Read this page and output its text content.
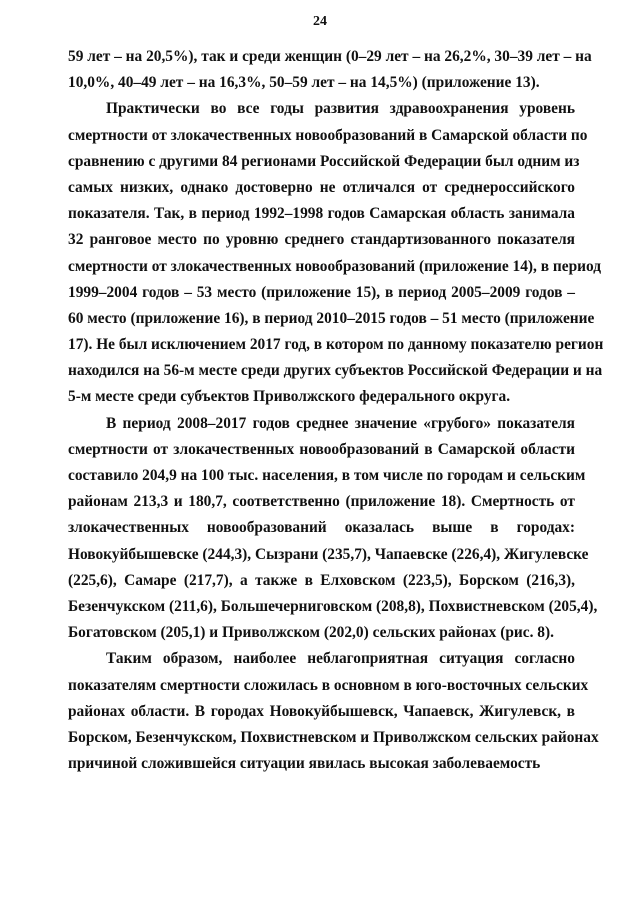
24
59 лет – на 20,5%), так и среди женщин (0–29 лет – на 26,2%, 30–39 лет – на
10,0%, 40–49 лет – на 16,3%, 50–59 лет – на 14,5%) (приложение 13).
Практически во все годы развития здравоохранения уровень
смертности от злокачественных новообразований в Самарской области по
сравнению с другими 84 регионами Российской Федерации был одним из
самых низких, однако достоверно не отличался от среднероссийского
показателя. Так, в период 1992–1998 годов Самарская область занимала
32 ранговое место по уровню среднего стандартизованного показателя
смертности от злокачественных новообразований (приложение 14), в период
1999–2004 годов – 53 место (приложение 15), в период 2005–2009 годов –
60 место (приложение 16), в период 2010–2015 годов – 51 место (приложение
17). Не был исключением 2017 год, в котором по данному показателю регион
находился на 56-м месте среди других субъектов Российской Федерации и на
5-м месте среди субъектов Приволжского федерального округа.
В период 2008–2017 годов среднее значение «грубого» показателя
смертности от злокачественных новообразований в Самарской области
составило 204,9 на 100 тыс. населения, в том числе по городам и сельским
районам 213,3 и 180,7, соответственно (приложение 18). Смертность от
злокачественных новообразований оказалась выше в городах:
Новокуйбышевске (244,3), Сызрани (235,7), Чапаевске (226,4), Жигулевске
(225,6), Самаре (217,7), а также в Елховском (223,5), Борском (216,3),
Безенчукском (211,6), Большечерниговском (208,8), Похвистневском (205,4),
Богатовском (205,1) и Приволжском (202,0) сельских районах (рис. 8).
Таким образом, наиболее неблагоприятная ситуация согласно
показателям смертности сложилась в основном в юго-восточных сельских
районах области. В городах Новокуйбышевск, Чапаевск, Жигулевск, в
Борском, Безенчукском, Похвистневском и Приволжском сельских районах
причиной сложившейся ситуации явилась высокая заболеваемость
